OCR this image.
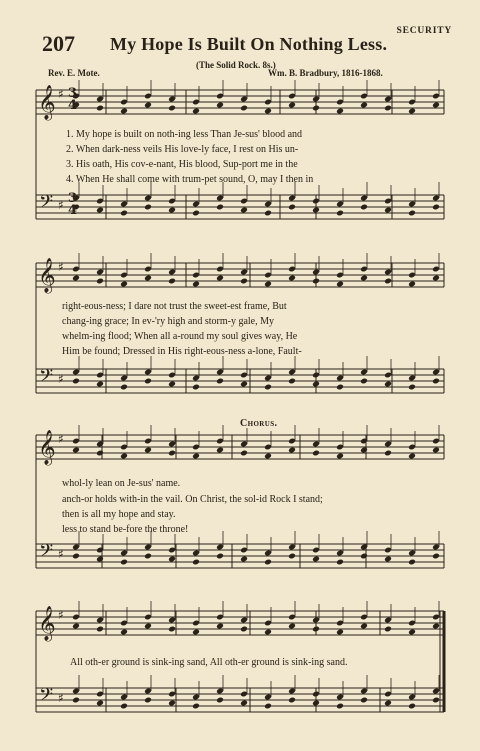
207 My Hope Is Built On Nothing Less.
SECURITY
(The Solid Rock. 8s.)
Rev. E. Mote.	Wm. B. Bradbury, 1816-1868.
𝄞
𝄢
♯
♯
𝄞
𝄢
♯
♯
𝄞
𝄢
♯
♯
𝄞
𝄢
♯
♯
3
3
4
4
1. My hope is built on noth-ing less Than Je-sus' blood and
2. When dark-ness veils His love-ly face, I rest on His un-
3. His oath, His cov-e-nant, His blood, Sup-port me in the
4. When He shall come with trum-pet sound, O, may I then in
right-eous-ness; I dare not trust the sweet-est frame, But
chang-ing grace; In ev-'ry high and storm-y gale, My
whelm-ing flood; When all a-round my soul gives way, He
Him be found; Dressed in His right-eous-ness a-lone, Fault-
Chorus.
whol-ly lean on Je-sus' name.
anch-or holds with-in the vail. On Christ, the sol-id Rock I stand;
then is all my hope and stay.
less to stand be-fore the throne!
All oth-er ground is sink-ing sand, All oth-er ground is sink-ing sand.
